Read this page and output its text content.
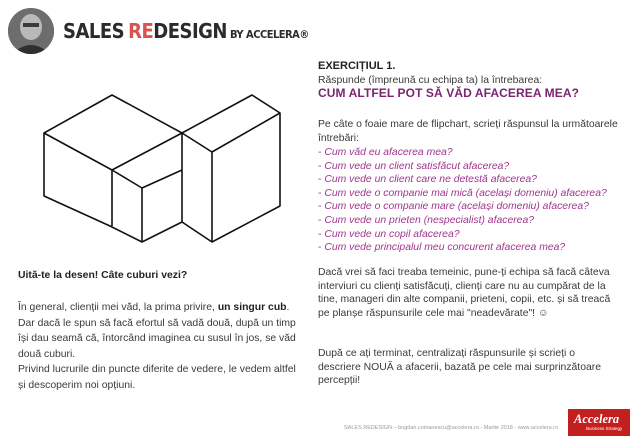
SALES REDESIGN BY ACCELERA®
Uită-te la desen! Câte cuburi vezi?
În general, clienții mei văd, la prima privire, un singur cub. Dar dacă le spun să facă efortul să vadă două, după un timp își dau seamă că, întorcând imaginea cu susul în jos, se văd două cuburi.
Privind lucrurile din puncte diferite de vedere, le vedem altfel și descoperim noi opțiuni.
EXERCIȚIUL 1.
Răspunde (împreună cu echipa ta) la întrebarea:
CUM ALTFEL POT SĂ VĂD AFACEREA MEA?
Pe câte o foaie mare de flipchart, scrieți răspunsul la următoarele întrebări:
- Cum văd eu afacerea mea?
- Cum vede un client satisfăcut afacerea?
- Cum vede un client care ne detestă afacerea?
- Cum vede o companie mai mică (același domeniu) afacerea?
- Cum vede o companie mare (același domeniu) afacerea?
- Cum vede un prieten (nespecialist) afacerea?
- Cum vede un copil afacerea?
- Cum vede principalul meu concurent afacerea mea?
Dacă vrei să faci treaba temeinic, pune-ți echipa să facă câteva interviuri cu clienți satisfăcuți, clienți care nu au cumpărat de la tine, manageri din alte companii, prieteni, copii, etc. și să treacă pe planșe răspunsurile cele mai "neadevărate"! ☺
După ce ați terminat, centralizați răspunsurile și scrieți o descriere NOUĂ a afacerii, bazată pe cele mai surprinzătoare percepții!
SALES REDESIGN – bogdan.comanescu@accelera.ro - Martie 2018 - www.accelera.ro
Accelera
Business Strategy
